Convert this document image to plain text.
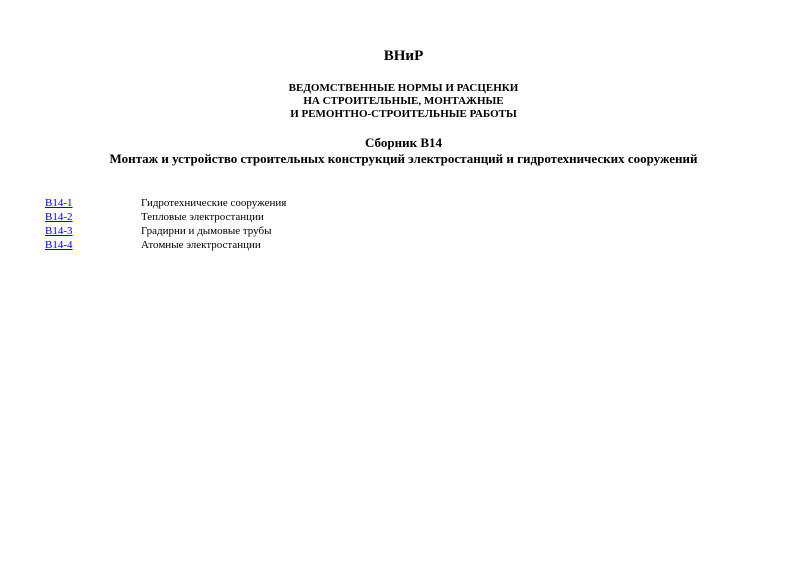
ВНиР
ВЕДОМСТВЕННЫЕ НОРМЫ И РАСЦЕНКИ
НА СТРОИТЕЛЬНЫЕ, МОНТАЖНЫЕ
И РЕМОНТНО-СТРОИТЕЛЬНЫЕ РАБОТЫ
Сборник В14
Монтаж и устройство строительных конструкций электростанций и гидротехнических сооружений
В14-1	Гидротехнические сооружения
В14-2	Тепловые электростанции
В14-3	Градирни и дымовые трубы
В14-4	Атомные электростанции
